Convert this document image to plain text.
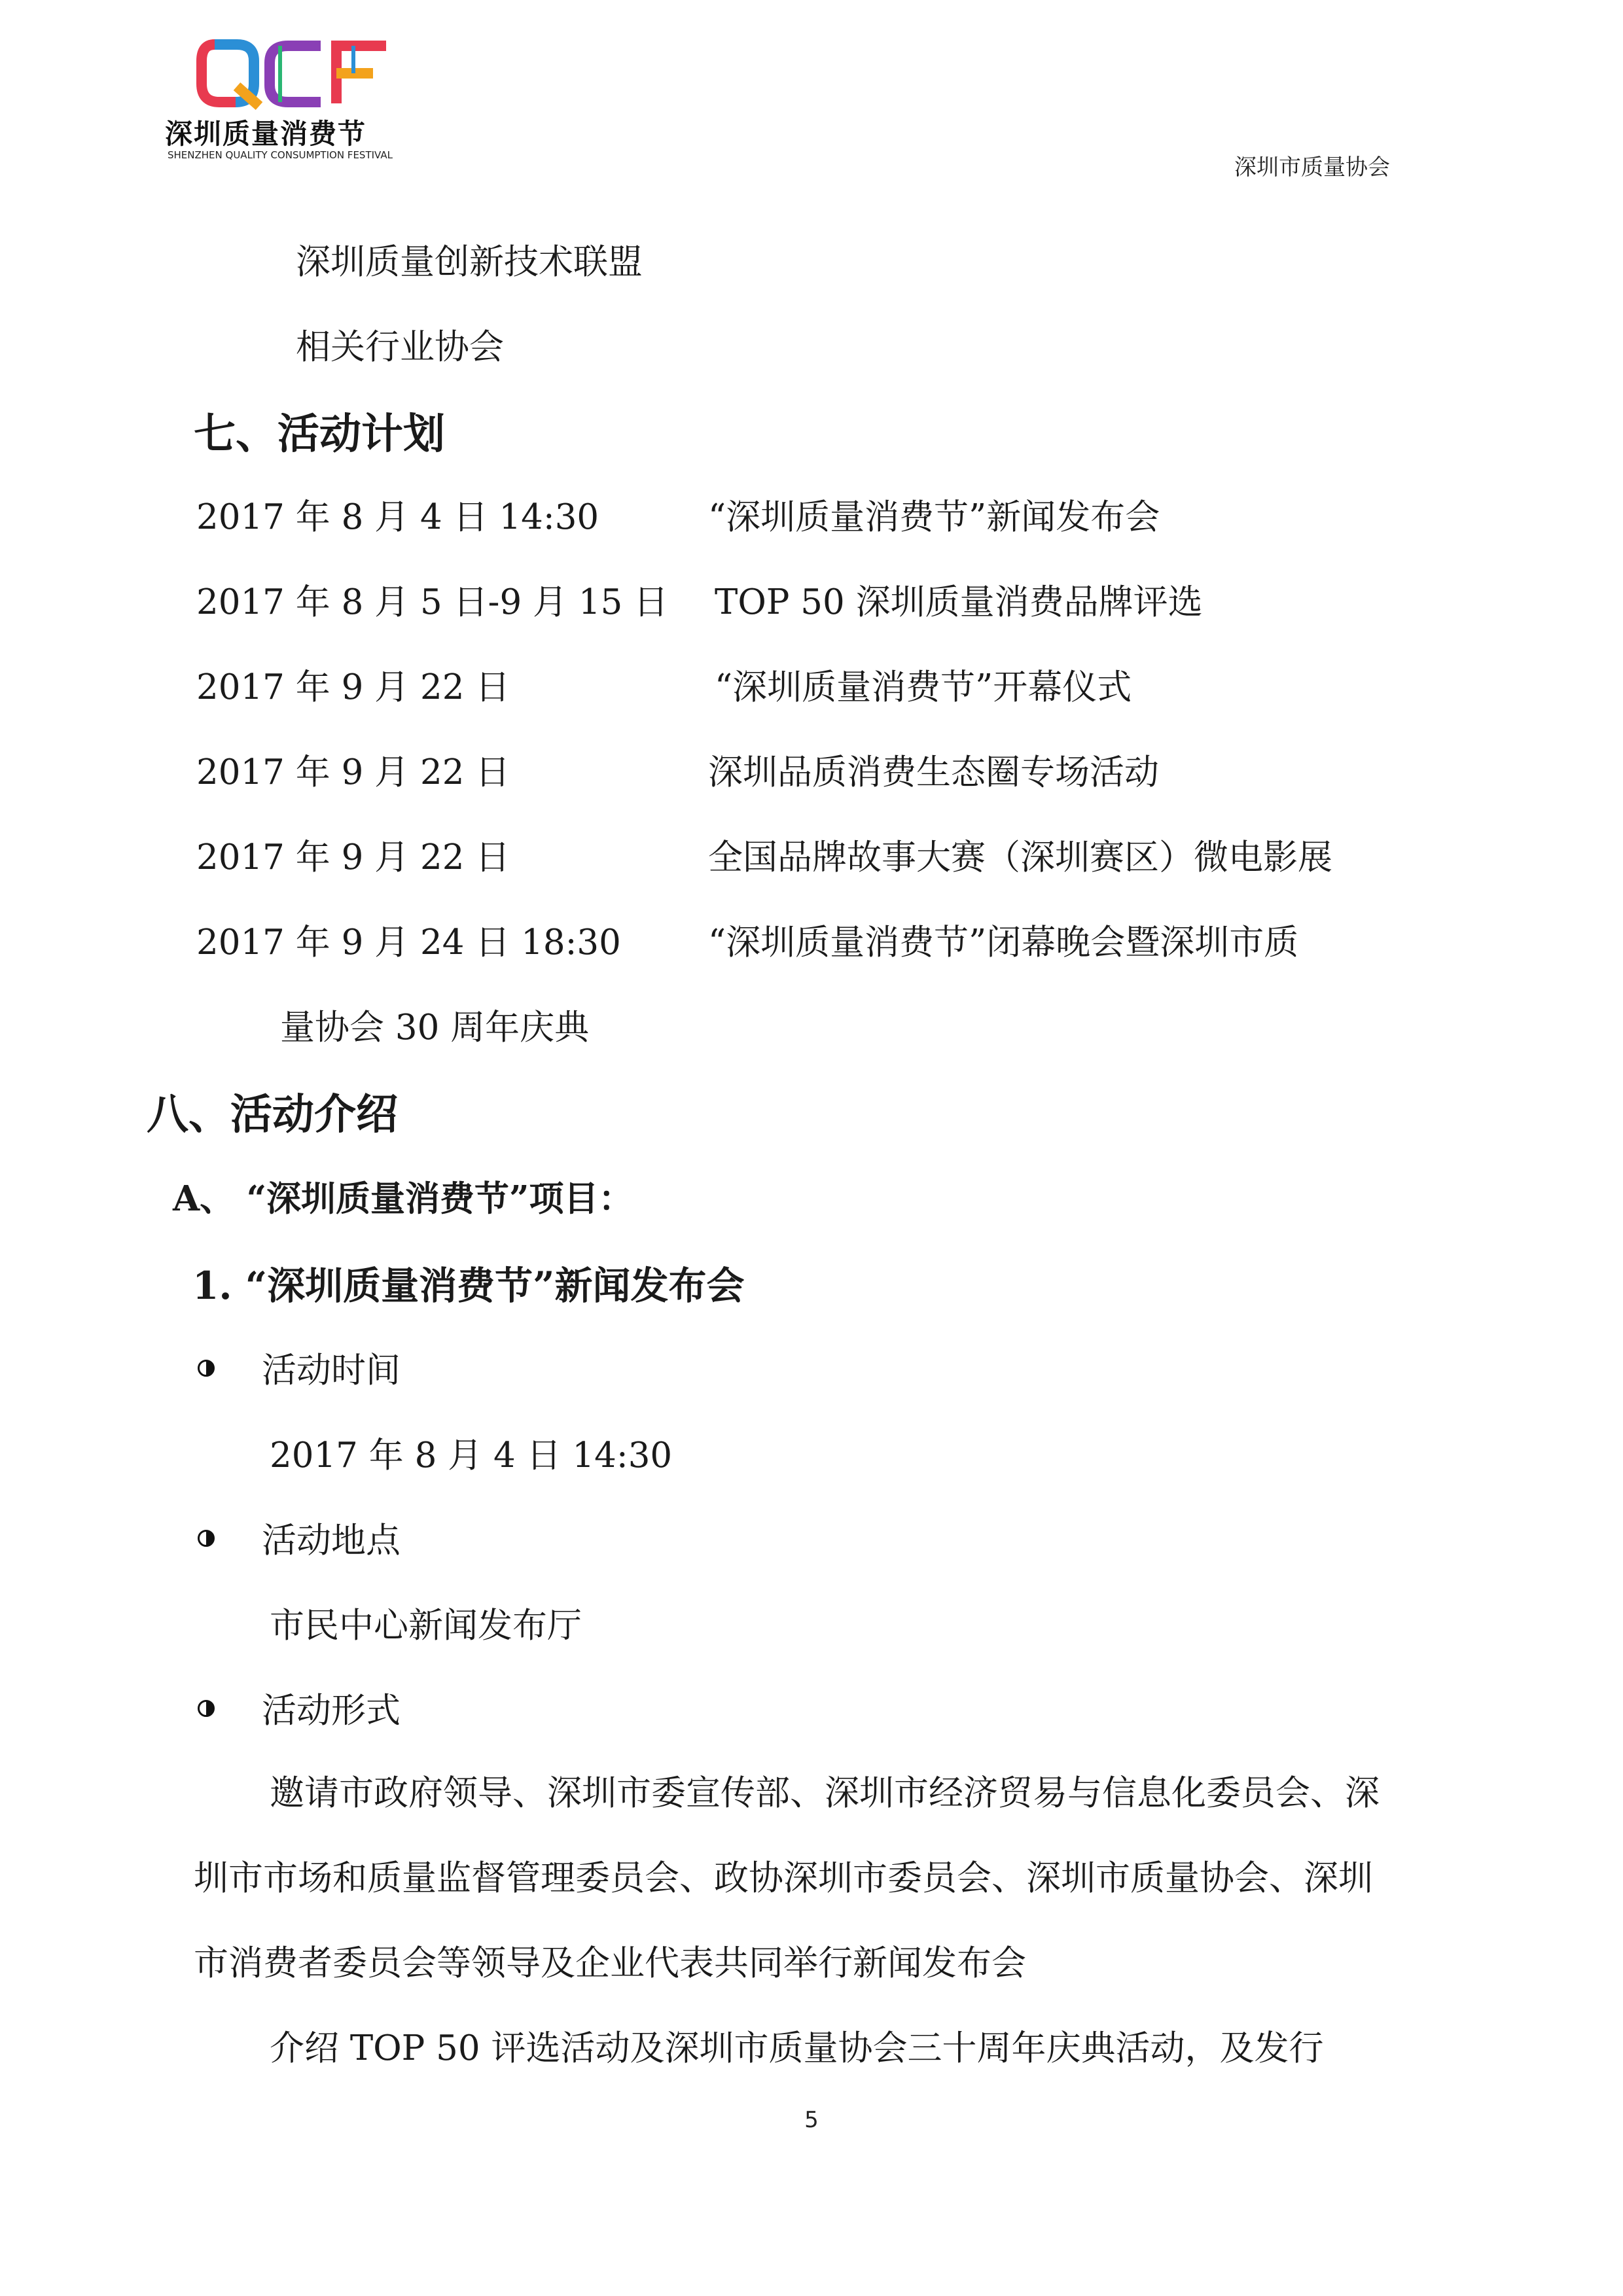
深圳质量消费节
SHENZHEN QUALITY CONSUMPTION FESTIVAL	深圳市质量协会
深圳质量创新技术联盟
相关行业协会
七、活动计划
2017 年 8 月 4 日 14:30	“深圳质量消费节”新闻发布会
2017 年 8 月 5 日-9 月 15 日 TOP 50 深圳质量消费品牌评选
2017 年 9 月 22 日	“深圳质量消费节”开幕仪式
2017 年 9 月 22 日	深圳品质消费生态圈专场活动
2017 年 9 月 22 日	全国品牌故事大赛（深圳赛区）微电影展
2017 年 9 月 24 日 18:30	“深圳质量消费节”闭幕晚会暨深圳市质
量协会 30 周年庆典
八、活动介绍
A、 “深圳质量消费节”项目：
1. “深圳质量消费节”新闻发布会
活动时间
2017 年 8 月 4 日 14:30
活动地点
市民中心新闻发布厅
活动形式
邀请市政府领导、深圳市委宣传部、深圳市经济贸易与信息化委员会、深圳市市场和质量监督管理委员会、政协深圳市委员会、深圳市质量协会、深圳市消费者委员会等领导及企业代表共同举行新闻发布会
介绍 TOP 50 评选活动及深圳市质量协会三十周年庆典活动，及发行
5
